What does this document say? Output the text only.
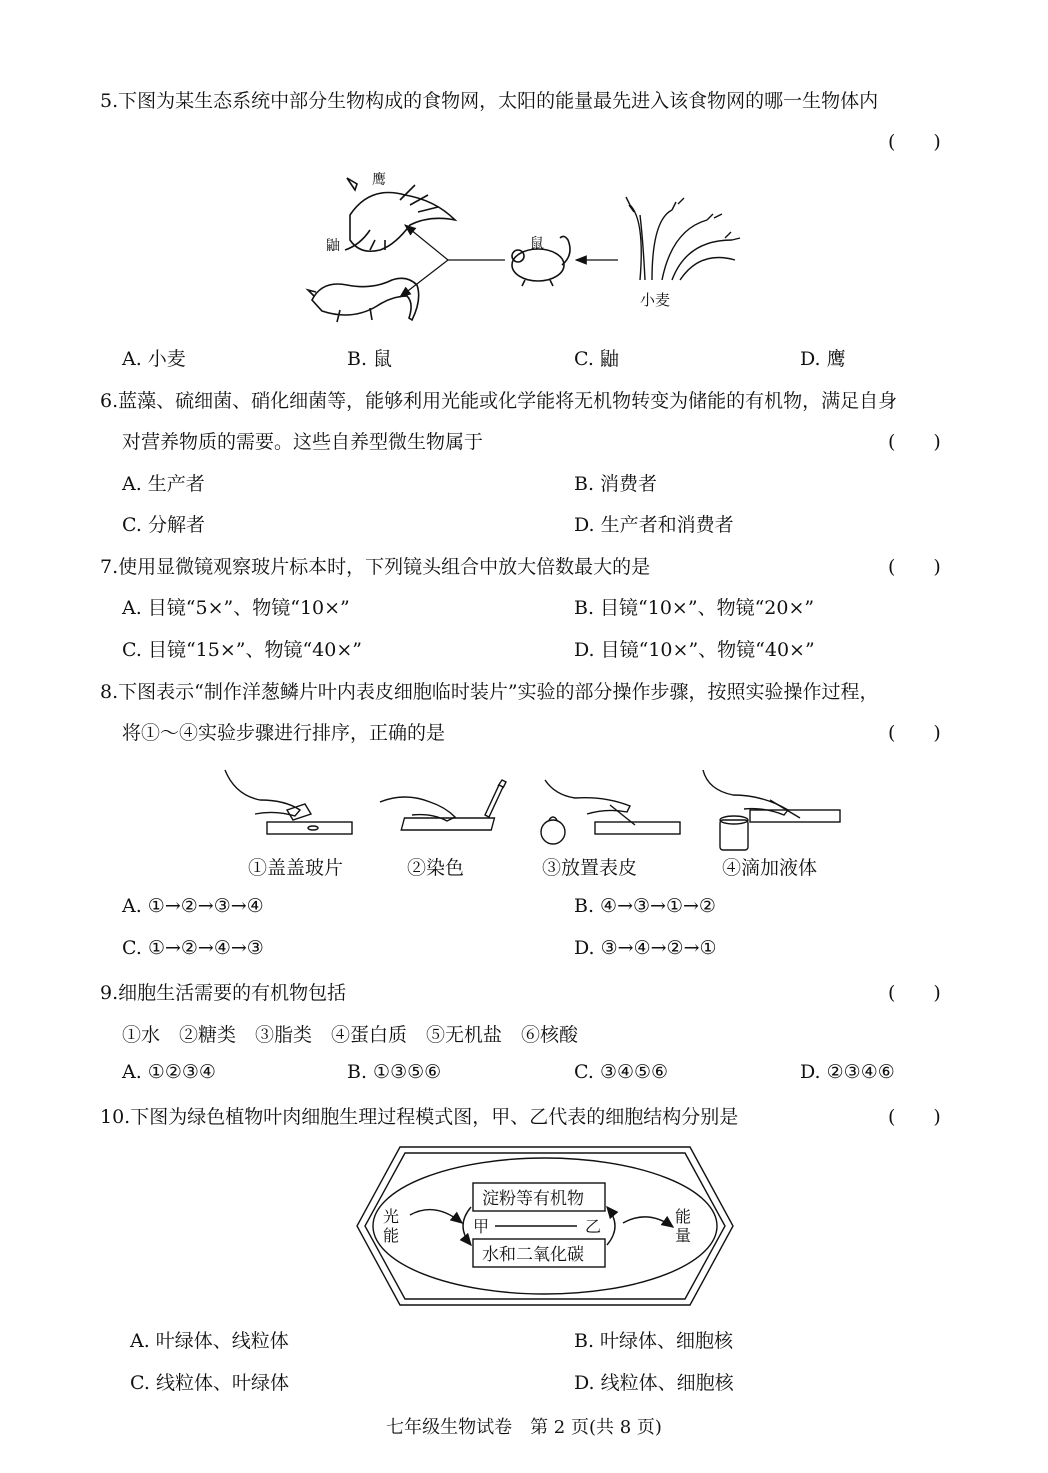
5.下图为某生态系统中部分生物构成的食物网，太阳的能量最先进入该食物网的哪一生物体内
(　　)
鹰
鼬	鼠
小麦
A. 小麦	B. 鼠	C. 鼬	D. 鹰
6.蓝藻、硫细菌、硝化细菌等，能够利用光能或化学能将无机物转变为储能的有机物，满足自身
对营养物质的需要。这些自养型微生物属于	(　　)
A. 生产者	B. 消费者
C. 分解者	D. 生产者和消费者
7.使用显微镜观察玻片标本时，下列镜头组合中放大倍数最大的是	(　　)
A. 目镜“5×”、物镜“10×”	B. 目镜“10×”、物镜“20×”
C. 目镜“15×”、物镜“40×”	D. 目镜“10×”、物镜“40×”
8.下图表示“制作洋葱鳞片叶内表皮细胞临时装片”实验的部分操作步骤，按照实验操作过程，
将①～④实验步骤进行排序，正确的是	(　　)
①盖盖玻片	②染色	③放置表皮	④滴加液体
A. ①→②→③→④	B. ④→③→①→②
C. ①→②→④→③	D. ③→④→②→①
9.细胞生活需要的有机物包括	(　　)
①水　②糖类　③脂类　④蛋白质　⑤无机盐　⑥核酸
A. ①②③④	B. ①③⑤⑥	C. ③④⑤⑥	D. ②③④⑥
10.下图为绿色植物叶肉细胞生理过程模式图，甲、乙代表的细胞结构分别是	(　　)
淀粉等有机物
水和二氧化碳
甲	乙
光
能
能
量
A. 叶绿体、线粒体	B. 叶绿体、细胞核
C. 线粒体、叶绿体	D. 线粒体、细胞核
七年级生物试卷　第 2 页(共 8 页)
